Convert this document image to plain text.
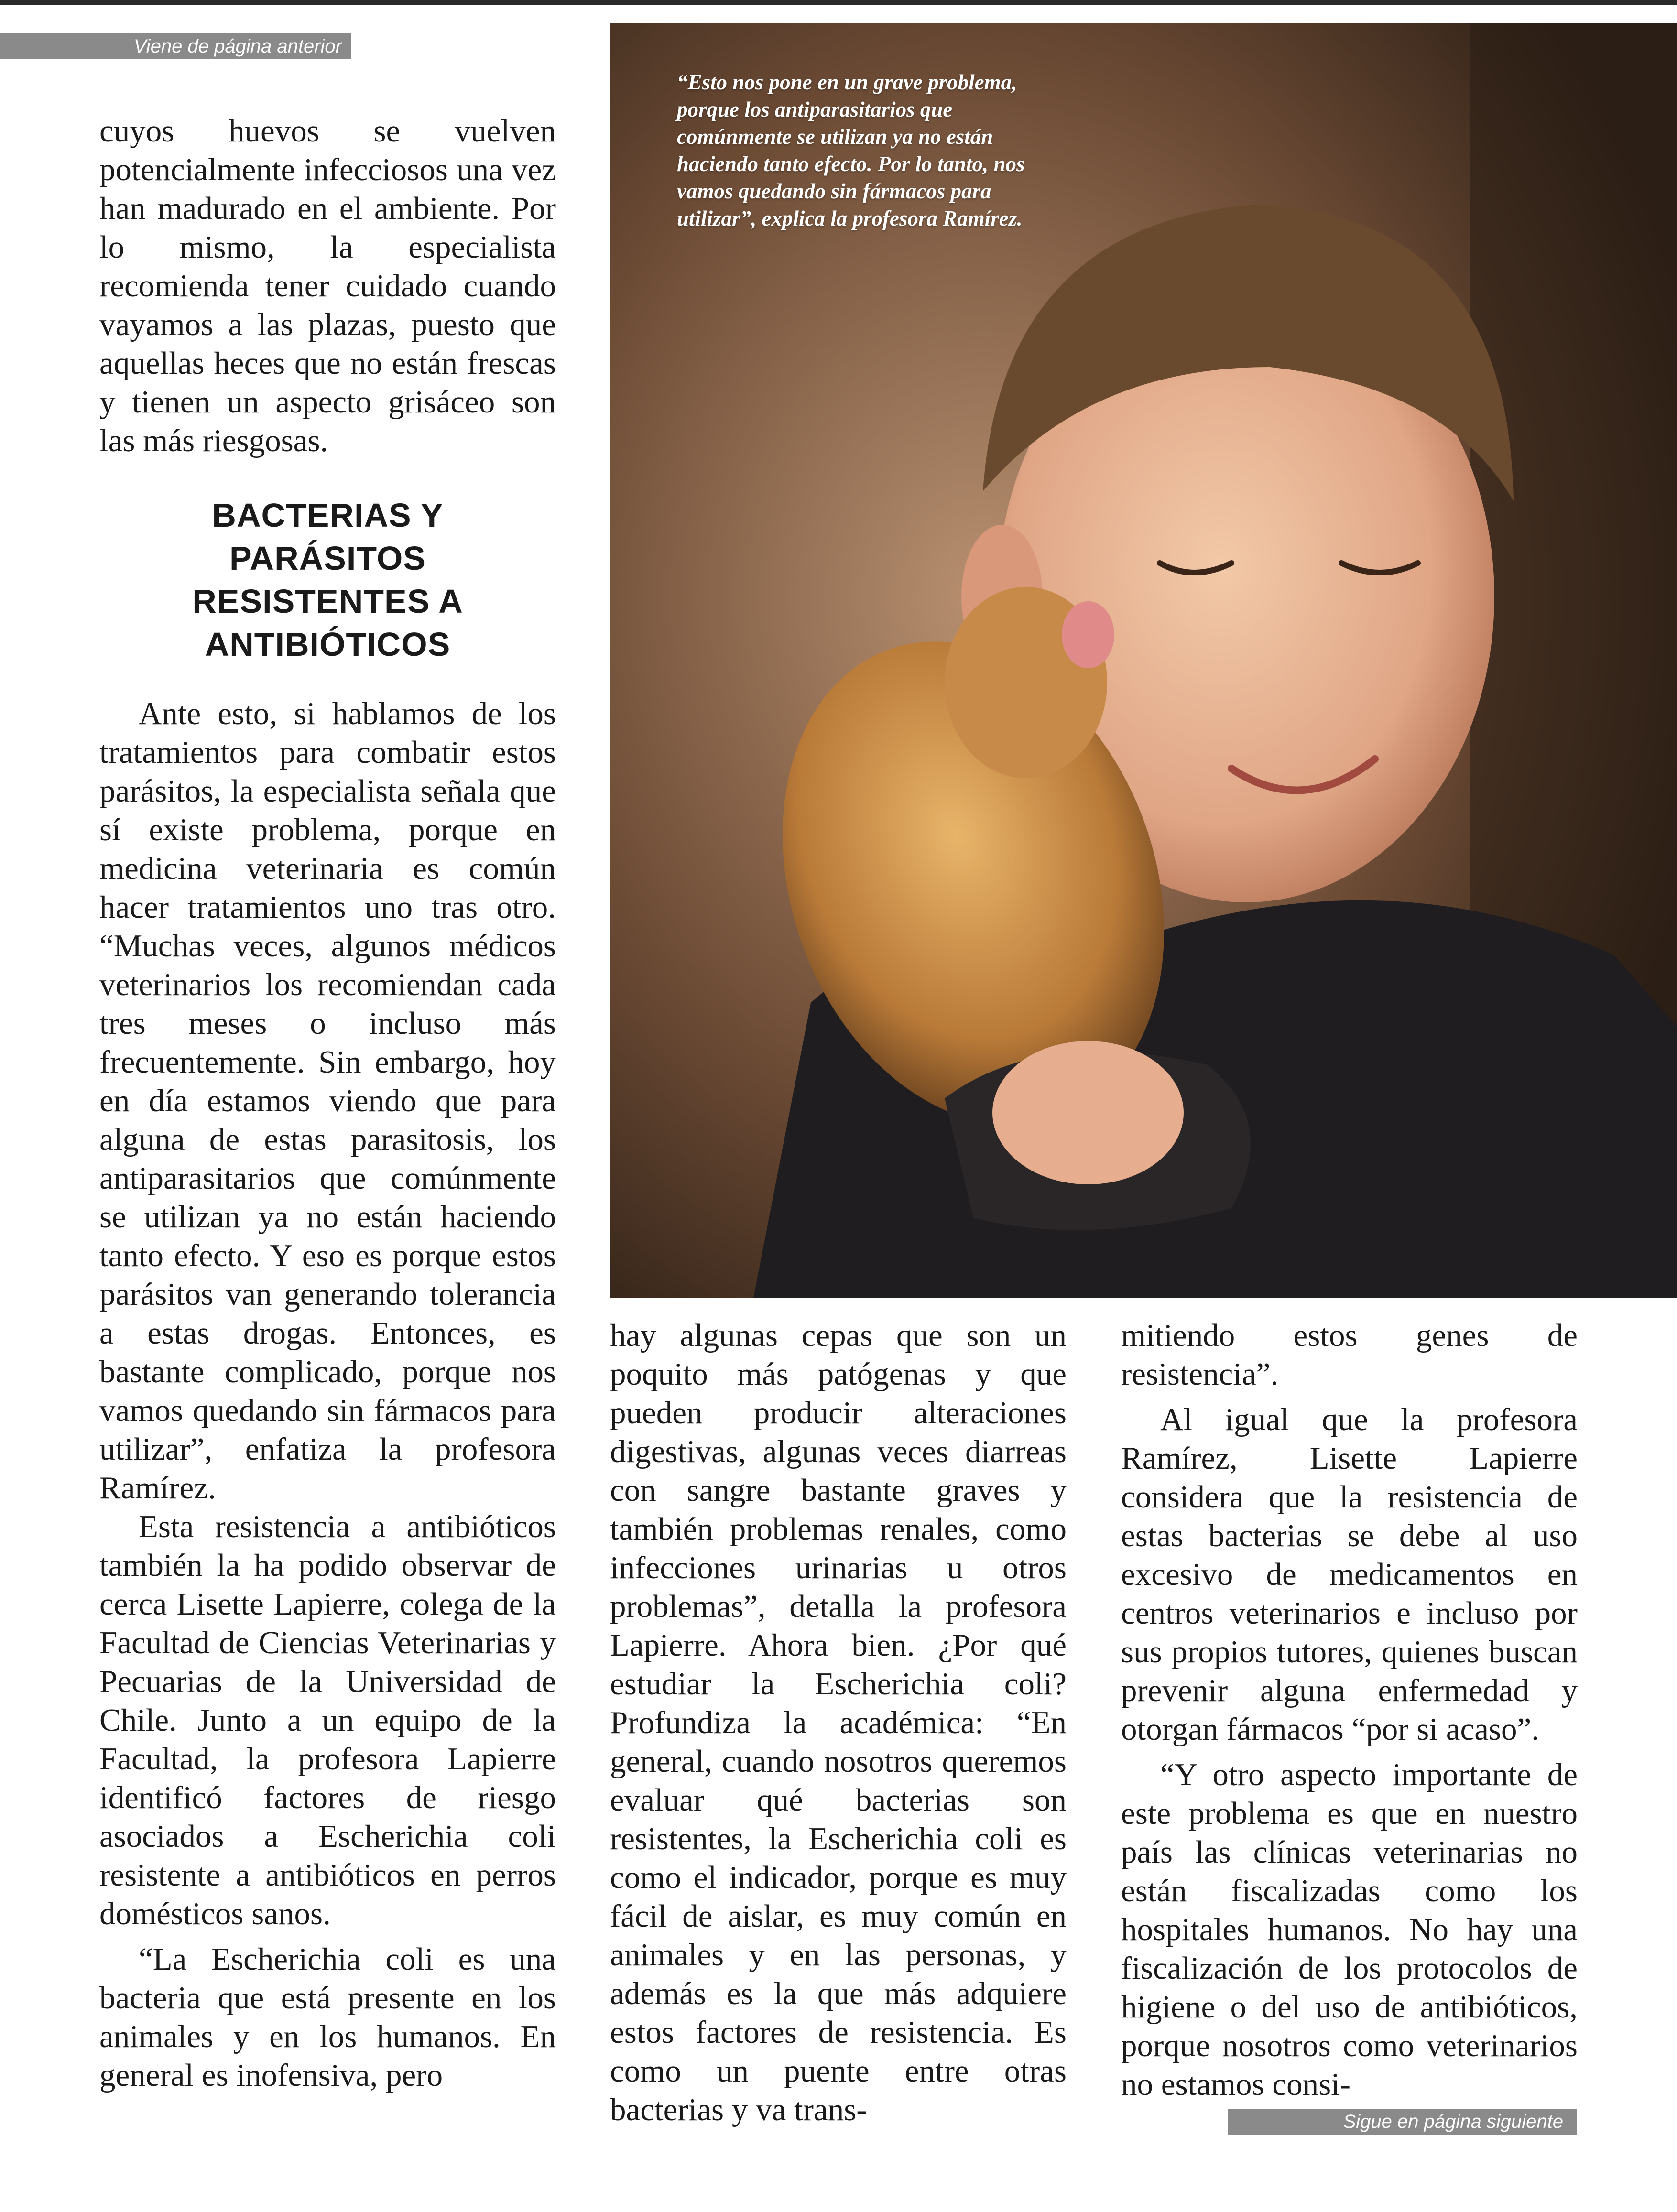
Viene de página anterior

cuyos huevos se vuelven potencialmente infecciosos una vez han madurado en el ambiente. Por lo mismo, la especialista recomienda tener cuidado cuando vayamos a las plazas, puesto que aquellas heces que no están frescas y tienen un aspecto grisáceo son las más riesgosas.

BACTERIAS Y
PARÁSITOS
RESISTENTES A
ANTIBIÓTICOS

Ante esto, si hablamos de los tratamientos para combatir estos parásitos, la especialista señala que sí existe problema, porque en medicina veterinaria es común hacer tratamientos uno tras otro. “Muchas veces, algunos médicos veterinarios los recomiendan cada tres meses o incluso más frecuentemente. Sin embargo, hoy en día estamos viendo que para alguna de estas parasitosis, los antiparasitarios que comúnmente se utilizan ya no están haciendo tanto efecto. Y eso es porque estos parásitos van generando tolerancia a estas drogas. Entonces, es bastante complicado, porque nos vamos quedando sin fármacos para utilizar”, enfatiza la profesora Ramírez.

Esta resistencia a antibióticos también la ha podido observar de cerca Lisette Lapierre, colega de la Facultad de Ciencias Veterinarias y Pecuarias de la Universidad de Chile. Junto a un equipo de la Facultad, la profesora Lapierre identificó factores de riesgo asociados a Escherichia coli resistente a antibióticos en perros domésticos sanos.

“La Escherichia coli es una bacteria que está presente en los animales y en los humanos. En general es inofensiva, pero

“Esto nos pone en un grave problema, porque los antiparasitarios que comúnmente se utilizan ya no están haciendo tanto efecto. Por lo tanto, nos vamos quedando sin fármacos para utilizar”, explica la profesora Ramírez.

hay algunas cepas que son un poquito más patógenas y que pueden producir alteraciones digestivas, algunas veces diarreas con sangre bastante graves y también problemas renales, como infecciones urinarias u otros problemas”, detalla la profesora Lapierre. Ahora bien. ¿Por qué estudiar la Escherichia coli? Profundiza la académica: “En general, cuando nosotros queremos evaluar qué bacterias son resistentes, la Escherichia coli es como el indicador, porque es muy fácil de aislar, es muy común en animales y en las personas, y además es la que más adquiere estos factores de resistencia. Es como un puente entre otras bacterias y va trans-

mitiendo estos genes de resistencia”.

Al igual que la profesora Ramírez, Lisette Lapierre considera que la resistencia de estas bacterias se debe al uso excesivo de medicamentos en centros veterinarios e incluso por sus propios tutores, quienes buscan prevenir alguna enfermedad y otorgan fármacos “por si acaso”.

“Y otro aspecto importante de este problema es que en nuestro país las clínicas veterinarias no están fiscalizadas como los hospitales humanos. No hay una fiscalización de los protocolos de higiene o del uso de antibióticos, porque nosotros como veterinarios no estamos consi-

Sigue en página siguiente
